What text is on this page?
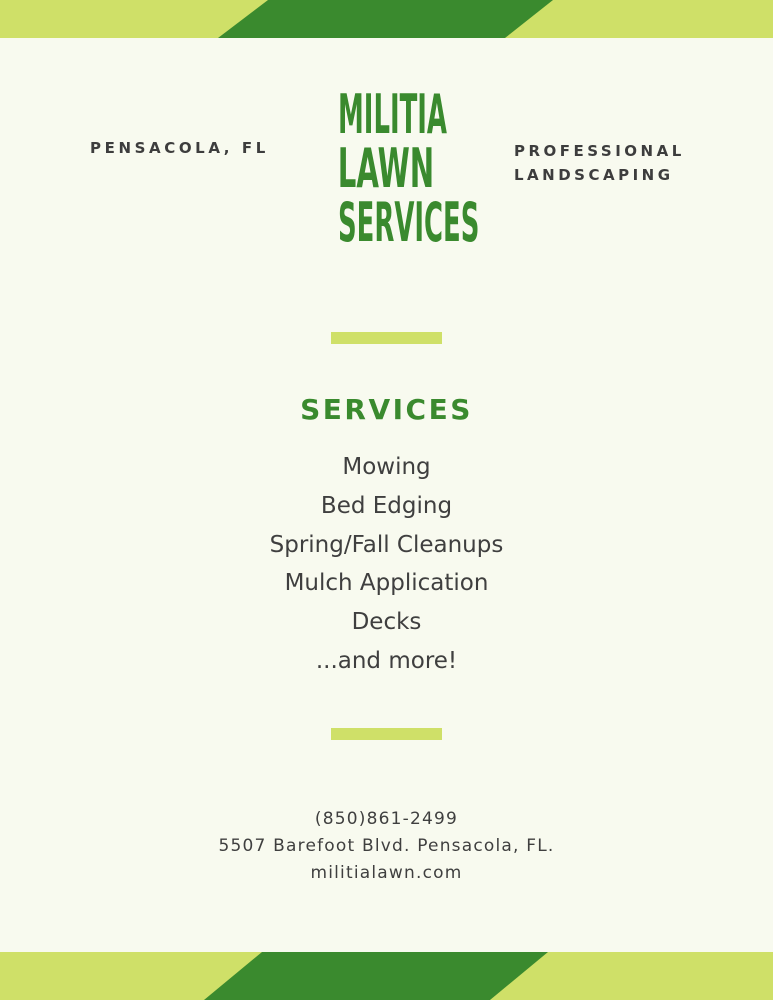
PENSACOLA, FL
MILITIA
LAWN
SERVICES
PROFESSIONAL
LANDSCAPING
SERVICES
Mowing
Bed Edging
Spring/Fall Cleanups
Mulch Application
Decks
...and more!
(850)861-2499
5507 Barefoot Blvd. Pensacola, FL.
militialawn.com
